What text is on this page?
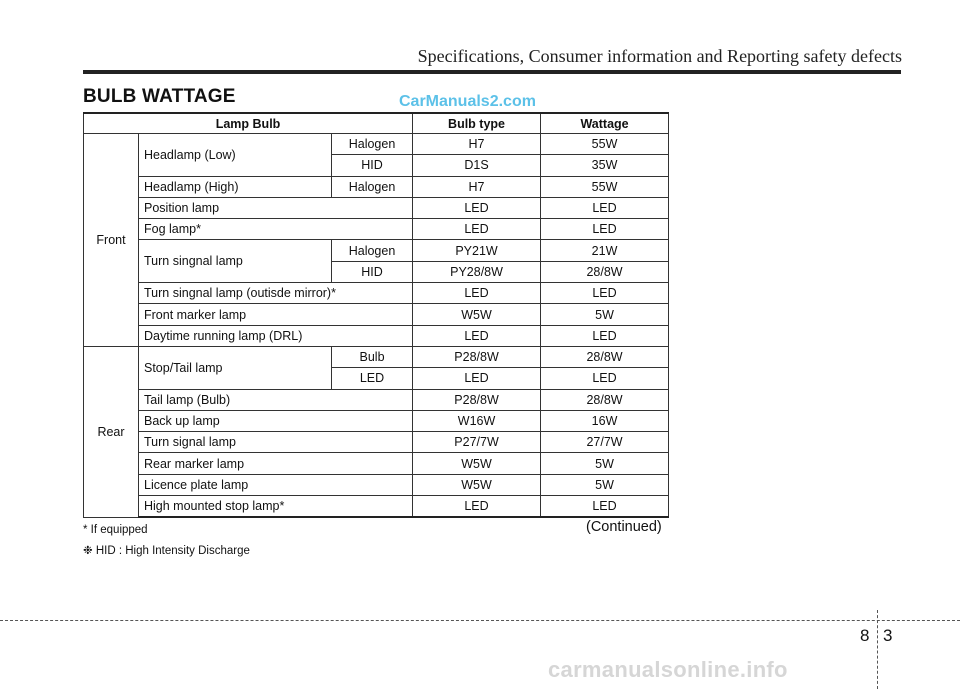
Specifications, Consumer information and Reporting safety defects
BULB WATTAGE	CarManuals2.com
Lamp Bulb			Bulb type	Wattage
Front	Headlamp (Low)	Halogen	H7	55W
		HID	D1S	35W
	Headlamp (High)	Halogen	H7	55W
	Position lamp		LED	LED
	Fog lamp*		LED	LED
	Turn singnal lamp	Halogen	PY21W	21W
		HID	PY28/8W	28/8W
	Turn singnal lamp (outisde mirror)*		LED	LED
	Front marker lamp		W5W	5W
	Daytime running lamp (DRL)		LED	LED
Rear	Stop/Tail lamp	Bulb	P28/8W	28/8W
		LED	LED	LED
	Tail lamp (Bulb)		P28/8W	28/8W
	Back up lamp		W16W	16W
	Turn signal lamp		P27/7W	27/7W
	Rear marker lamp		W5W	5W
	Licence plate lamp		W5W	5W
	High mounted stop lamp*		LED	LED
* If equipped	(Continued)
❉ HID : High Intensity Discharge
8 3
carmanualsonline.info
